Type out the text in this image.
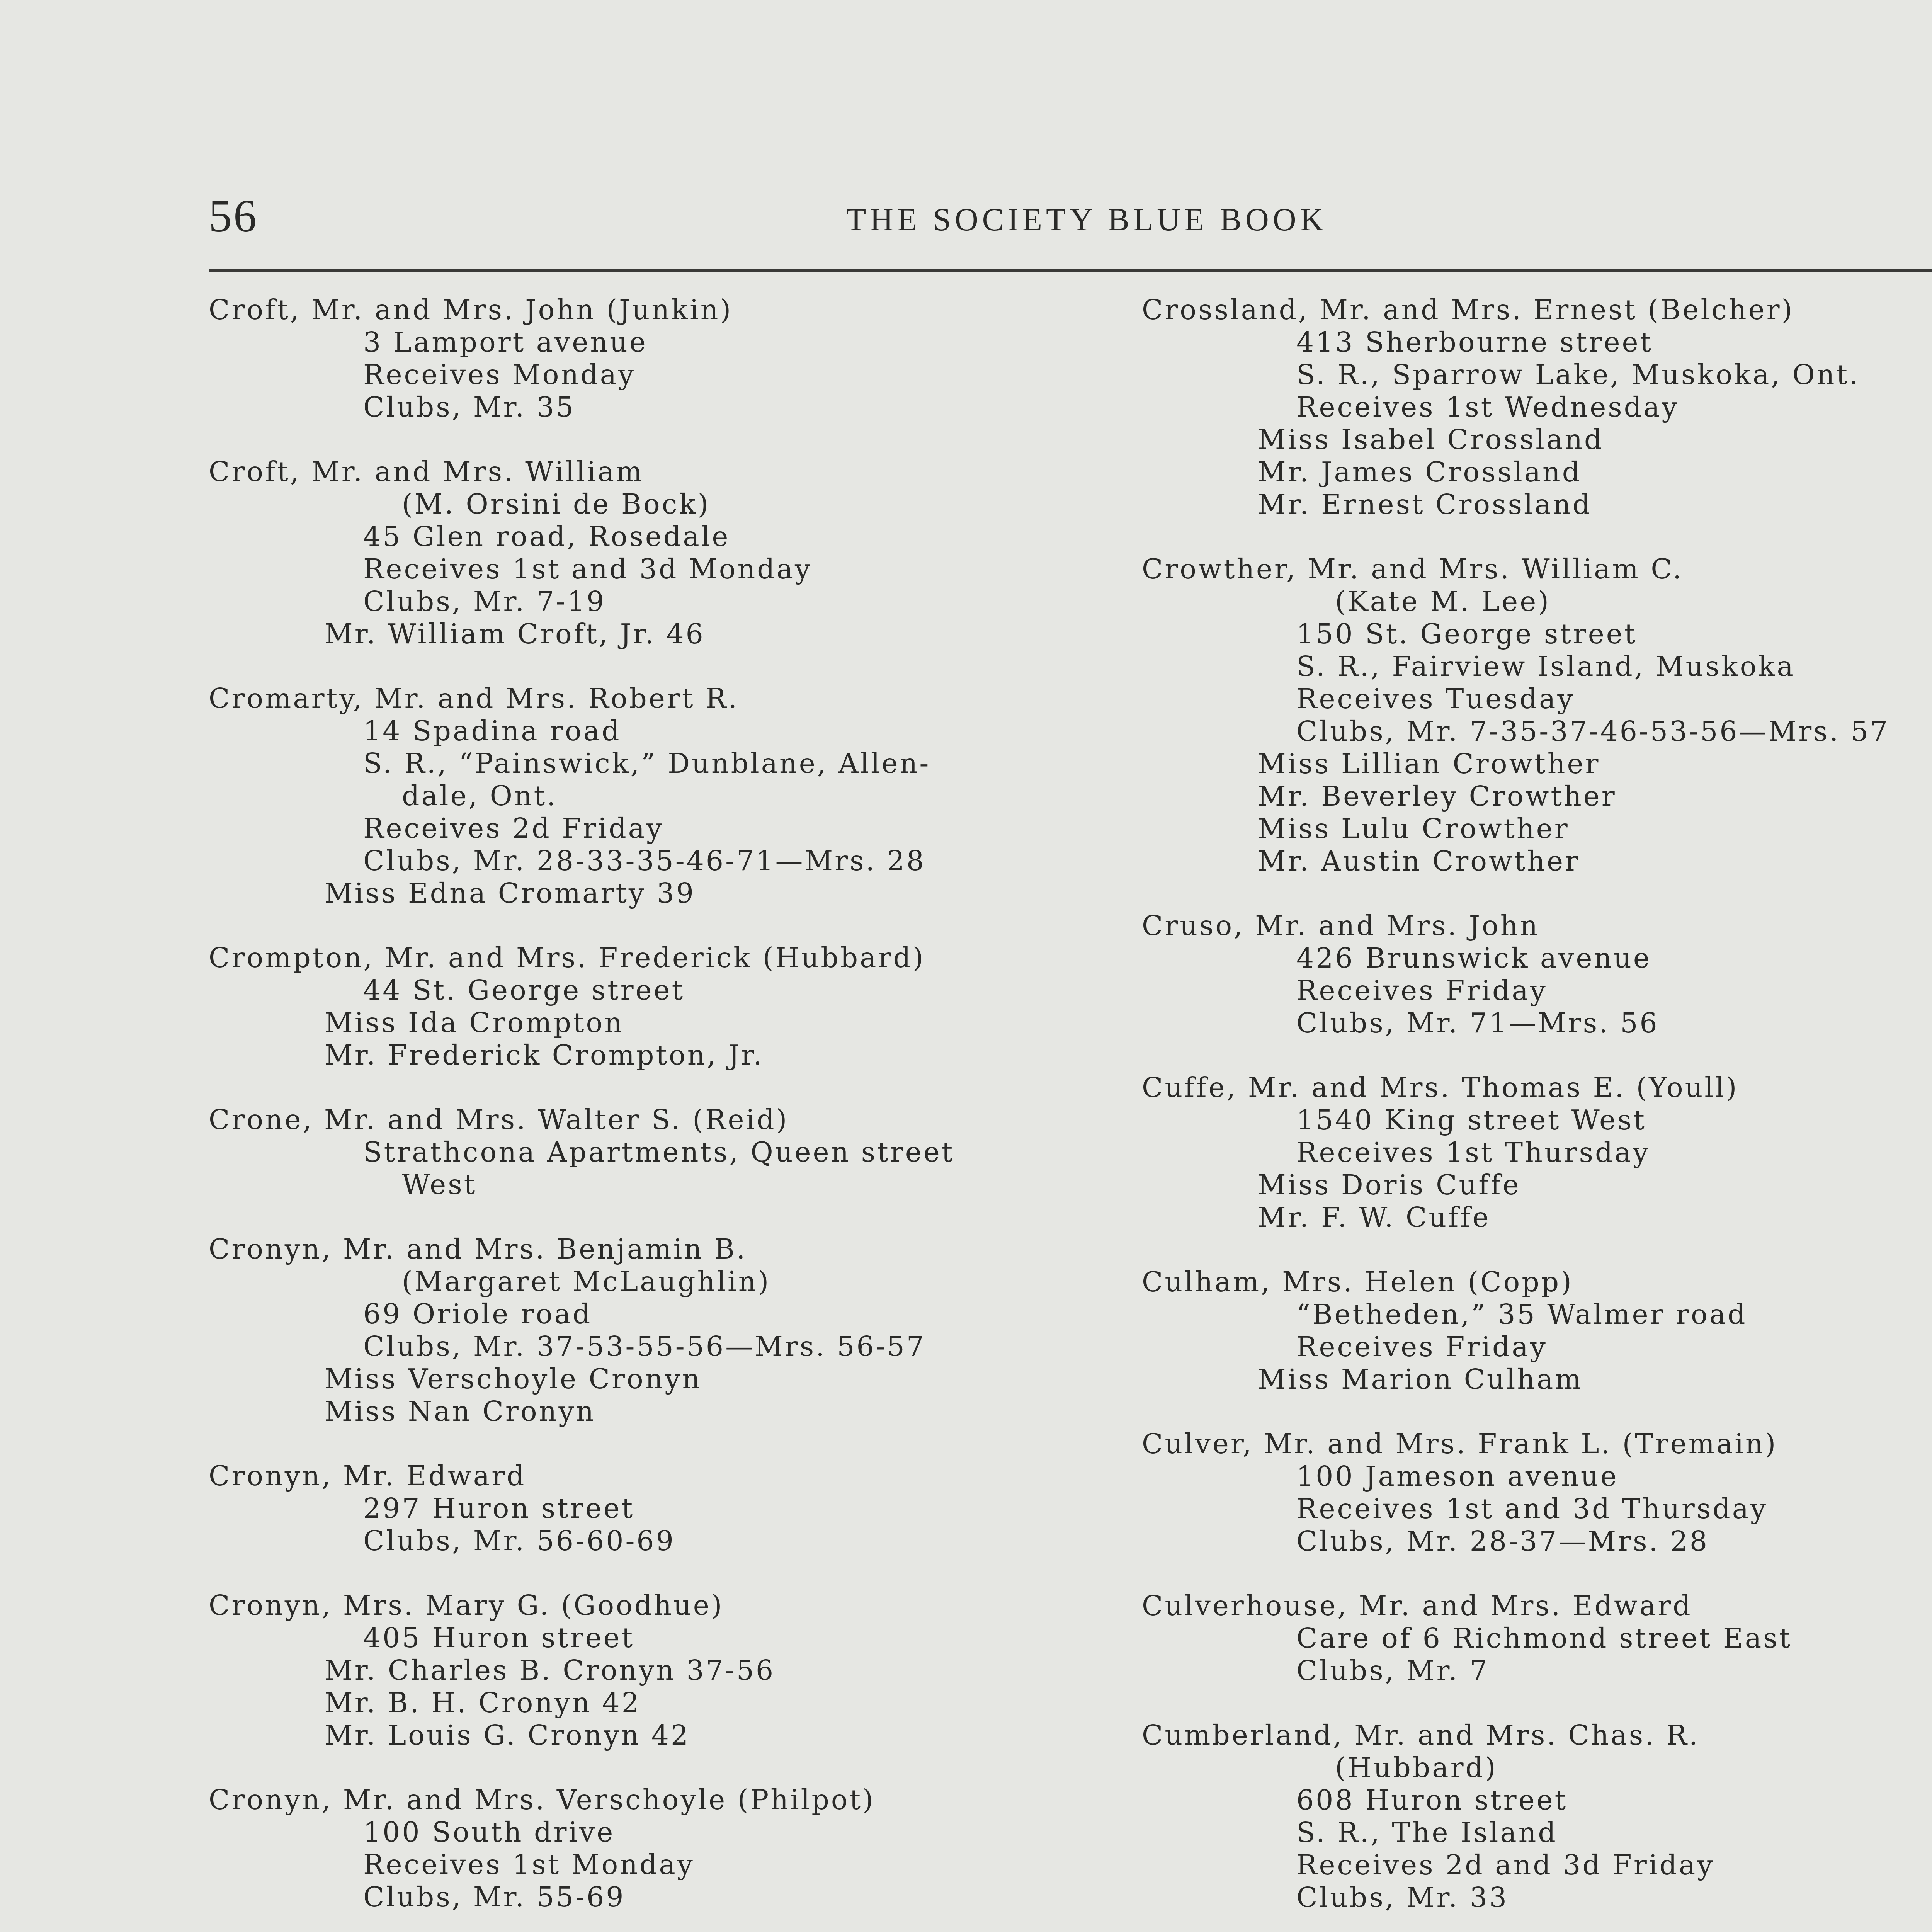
56	THE SOCIETY BLUE BOOK
Croft, Mr. and Mrs. John (Junkin)
3 Lamport avenue
Receives Monday
Clubs, Mr. 35
Croft, Mr. and Mrs. William
(M. Orsini de Bock)
45 Glen road, Rosedale
Receives 1st and 3d Monday
Clubs, Mr. 7-19
Mr. William Croft, Jr. 46
Cromarty, Mr. and Mrs. Robert R.
14 Spadina road
S. R., “Painswick,” Dunblane, Allen-
dale, Ont.
Receives 2d Friday
Clubs, Mr. 28-33-35-46-71—Mrs. 28
Miss Edna Cromarty 39
Crompton, Mr. and Mrs. Frederick (Hubbard)
44 St. George street
Miss Ida Crompton
Mr. Frederick Crompton, Jr.
Crone, Mr. and Mrs. Walter S. (Reid)
Strathcona Apartments, Queen street
West
Cronyn, Mr. and Mrs. Benjamin B.
(Margaret McLaughlin)
69 Oriole road
Clubs, Mr. 37-53-55-56—Mrs. 56-57
Miss Verschoyle Cronyn
Miss Nan Cronyn
Cronyn, Mr. Edward
297 Huron street
Clubs, Mr. 56-60-69
Cronyn, Mrs. Mary G. (Goodhue)
405 Huron street
Mr. Charles B. Cronyn 37-56
Mr. B. H. Cronyn 42
Mr. Louis G. Cronyn 42
Cronyn, Mr. and Mrs. Verschoyle (Philpot)
100 South drive
Receives 1st Monday
Clubs, Mr. 55-69
Crossland, Mr. and Mrs. Ernest (Belcher)
413 Sherbourne street
S. R., Sparrow Lake, Muskoka, Ont.
Receives 1st Wednesday
Miss Isabel Crossland
Mr. James Crossland
Mr. Ernest Crossland
Crowther, Mr. and Mrs. William C.
(Kate M. Lee)
150 St. George street
S. R., Fairview Island, Muskoka
Receives Tuesday
Clubs, Mr. 7-35-37-46-53-56—Mrs. 57
Miss Lillian Crowther
Mr. Beverley Crowther
Miss Lulu Crowther
Mr. Austin Crowther
Cruso, Mr. and Mrs. John
426 Brunswick avenue
Receives Friday
Clubs, Mr. 71—Mrs. 56
Cuffe, Mr. and Mrs. Thomas E. (Youll)
1540 King street West
Receives 1st Thursday
Miss Doris Cuffe
Mr. F. W. Cuffe
Culham, Mrs. Helen (Copp)
“Betheden,” 35 Walmer road
Receives Friday
Miss Marion Culham
Culver, Mr. and Mrs. Frank L. (Tremain)
100 Jameson avenue
Receives 1st and 3d Thursday
Clubs, Mr. 28-37—Mrs. 28
Culverhouse, Mr. and Mrs. Edward
Care of 6 Richmond street East
Clubs, Mr. 7
Cumberland, Mr. and Mrs. Chas. R.
(Hubbard)
608 Huron street
S. R., The Island
Receives 2d and 3d Friday
Clubs, Mr. 33
